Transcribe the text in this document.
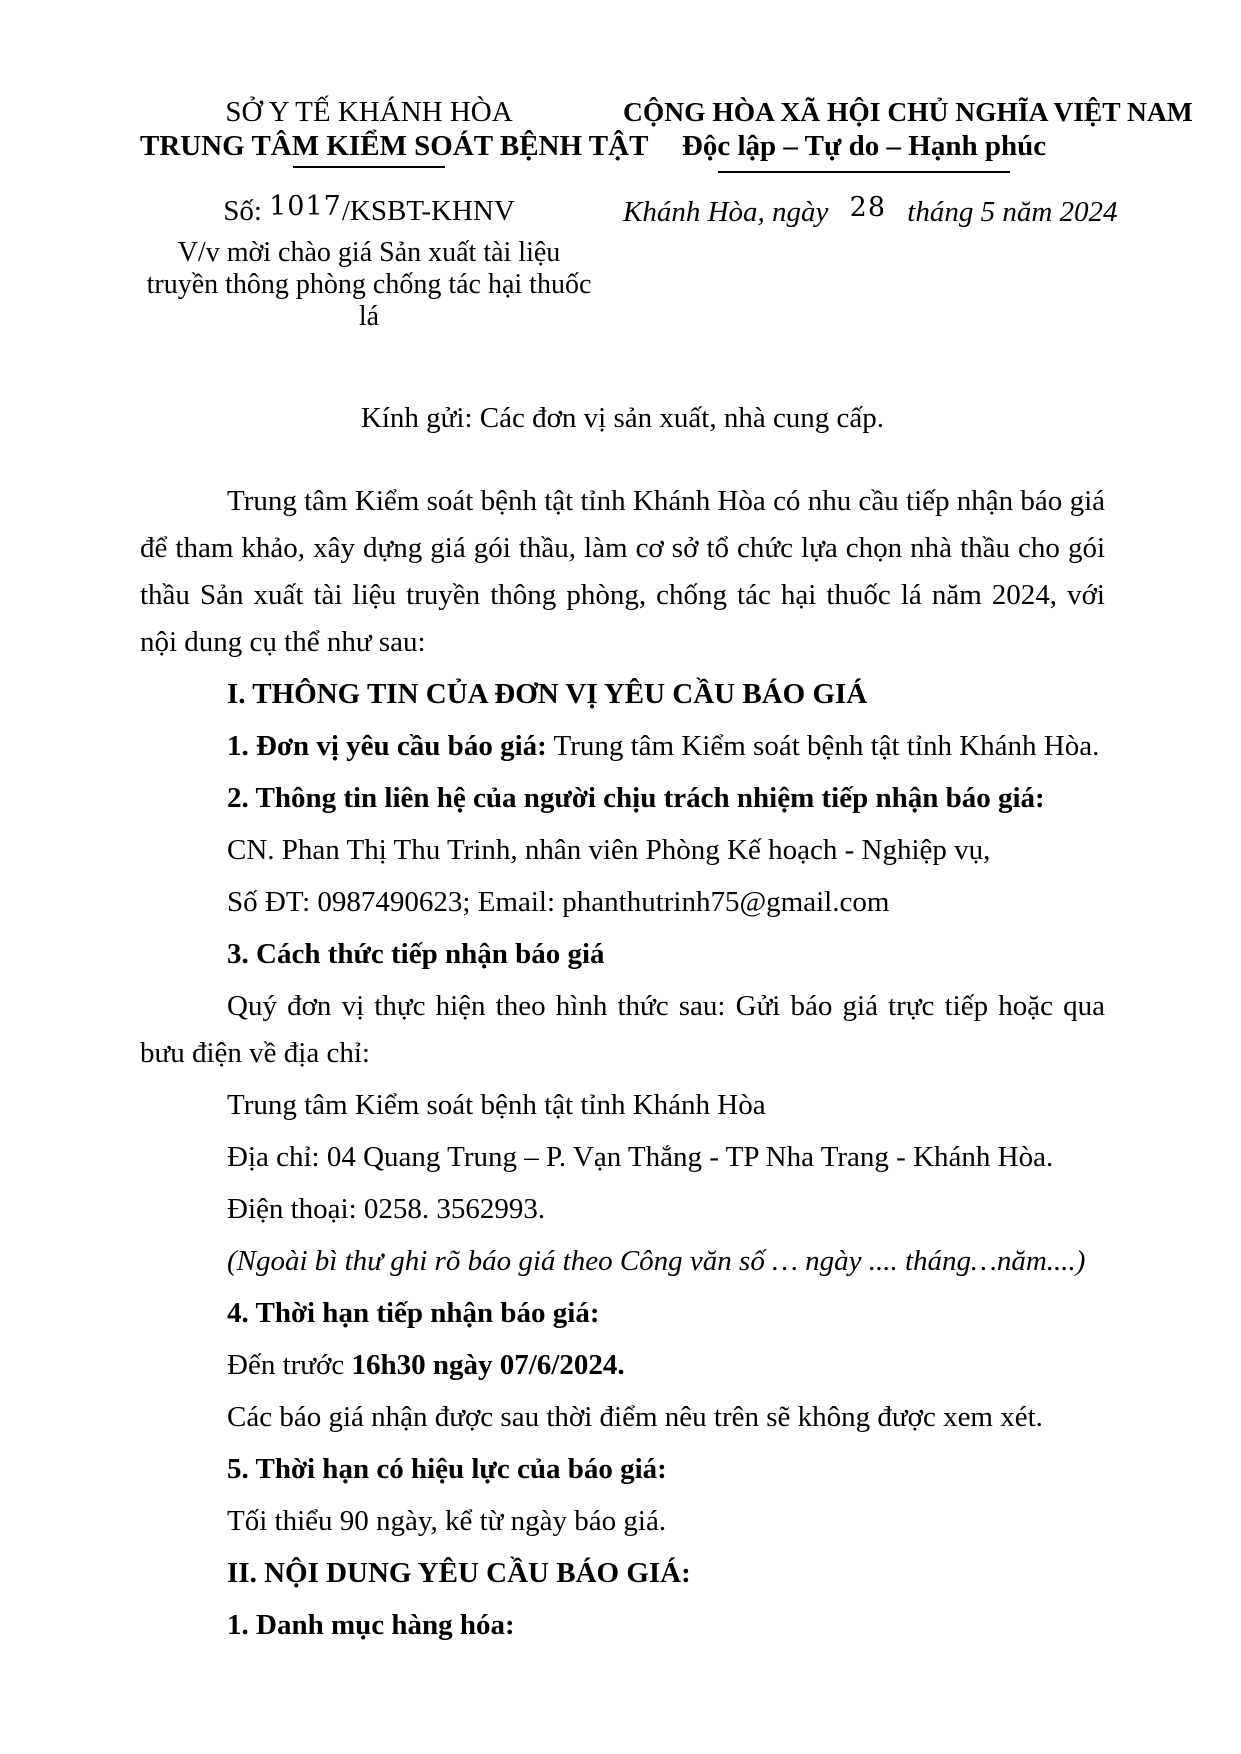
SỞ Y TẾ KHÁNH HÒA
TRUNG TÂM KIỂM SOÁT BỆNH TẬT
Số: 1017/KSBT-KHNV
V/v mời chào giá Sản xuất tài liệu
truyền thông phòng chống tác hại thuốc lá
CỘNG HÒA XÃ HỘI CHỦ NGHĨA VIỆT NAM
Độc lập – Tự do – Hạnh phúc
Khánh Hòa, ngày 28 tháng 5 năm 2024
Kính gửi: Các đơn vị sản xuất, nhà cung cấp.

Trung tâm Kiểm soát bệnh tật tỉnh Khánh Hòa có nhu cầu tiếp nhận báo giá để tham khảo, xây dựng giá gói thầu, làm cơ sở tổ chức lựa chọn nhà thầu cho gói thầu Sản xuất tài liệu truyền thông phòng, chống tác hại thuốc lá năm 2024, với nội dung cụ thể như sau:

I. THÔNG TIN CỦA ĐƠN VỊ YÊU CẦU BÁO GIÁ

1. Đơn vị yêu cầu báo giá: Trung tâm Kiểm soát bệnh tật tỉnh Khánh Hòa.

2. Thông tin liên hệ của người chịu trách nhiệm tiếp nhận báo giá:

CN. Phan Thị Thu Trinh, nhân viên Phòng Kế hoạch - Nghiệp vụ,

Số ĐT: 0987490623; Email: phanthutrinh75@gmail.com

3. Cách thức tiếp nhận báo giá

Quý đơn vị thực hiện theo hình thức sau: Gửi báo giá trực tiếp hoặc qua bưu điện về địa chỉ:

Trung tâm Kiểm soát bệnh tật tỉnh Khánh Hòa

Địa chỉ: 04 Quang Trung – P. Vạn Thắng - TP Nha Trang - Khánh Hòa.

Điện thoại: 0258. 3562993.

(Ngoài bì thư ghi rõ báo giá theo Công văn số … ngày .... tháng…năm....)

4. Thời hạn tiếp nhận báo giá:

Đến trước 16h30 ngày 07/6/2024.

Các báo giá nhận được sau thời điểm nêu trên sẽ không được xem xét.

5. Thời hạn có hiệu lực của báo giá:

Tối thiểu 90 ngày, kể từ ngày báo giá.

II. NỘI DUNG YÊU CẦU BÁO GIÁ:

1. Danh mục hàng hóa:
